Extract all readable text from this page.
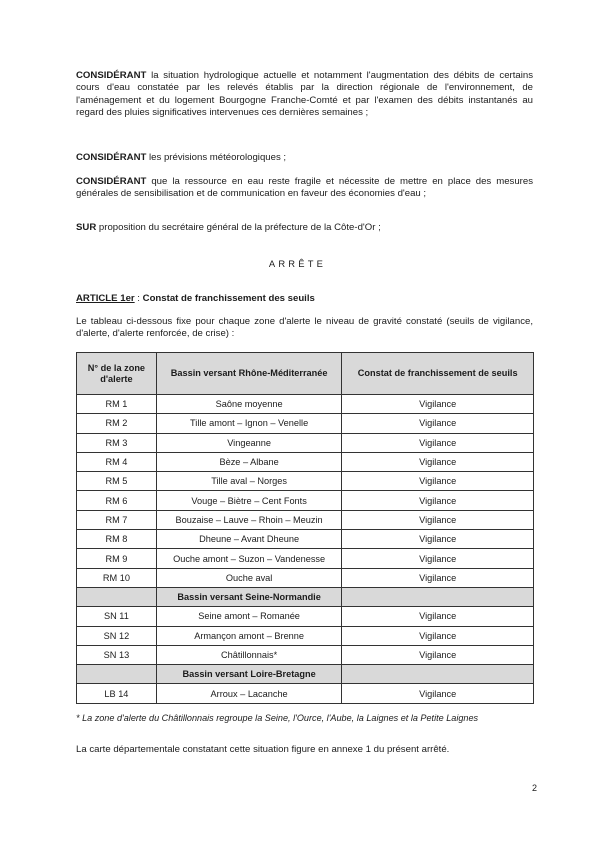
CONSIDÉRANT la situation hydrologique actuelle et notamment l'augmentation des débits de certains cours d'eau constatée par les relevés établis par la direction régionale de l'environnement, de l'aménagement et du logement Bourgogne Franche-Comté et par l'examen des débits instantanés au regard des pluies significatives intervenues ces dernières semaines ;
CONSIDÉRANT les prévisions météorologiques ;
CONSIDÉRANT que la ressource en eau reste fragile et nécessite de mettre en place des mesures générales de sensibilisation et de communication en faveur des économies d'eau ;
SUR proposition du secrétaire général de la préfecture de la Côte-d'Or ;
ARRÊTE
ARTICLE 1er : Constat de franchissement des seuils
Le tableau ci-dessous fixe pour chaque zone d'alerte le niveau de gravité constaté (seuils de vigilance, d'alerte, d'alerte renforcée, de crise) :
N° de la zone d'alerte	Bassin versant Rhône-Méditerranée	Constat de franchissement de seuils
RM 1	Saône moyenne	Vigilance
RM 2	Tille amont – Ignon – Venelle	Vigilance
RM 3	Vingeanne	Vigilance
RM 4	Bèze – Albane	Vigilance
RM 5	Tille aval – Norges	Vigilance
RM 6	Vouge – Biètre – Cent Fonts	Vigilance
RM 7	Bouzaise – Lauve – Rhoin – Meuzin	Vigilance
RM 8	Dheune – Avant Dheune	Vigilance
RM 9	Ouche amont – Suzon – Vandenesse	Vigilance
RM 10	Ouche aval	Vigilance
	Bassin versant Seine-Normandie	
SN 11	Seine amont – Romanée	Vigilance
SN 12	Armançon amont – Brenne	Vigilance
SN 13	Châtillonnais*	Vigilance
	Bassin versant Loire-Bretagne	
LB 14	Arroux – Lacanche	Vigilance
* La zone d'alerte du Châtillonnais regroupe la Seine, l'Ource, l'Aube, la Laignes et la Petite Laignes
La carte départementale constatant cette situation figure en annexe 1 du présent arrêté.
2
